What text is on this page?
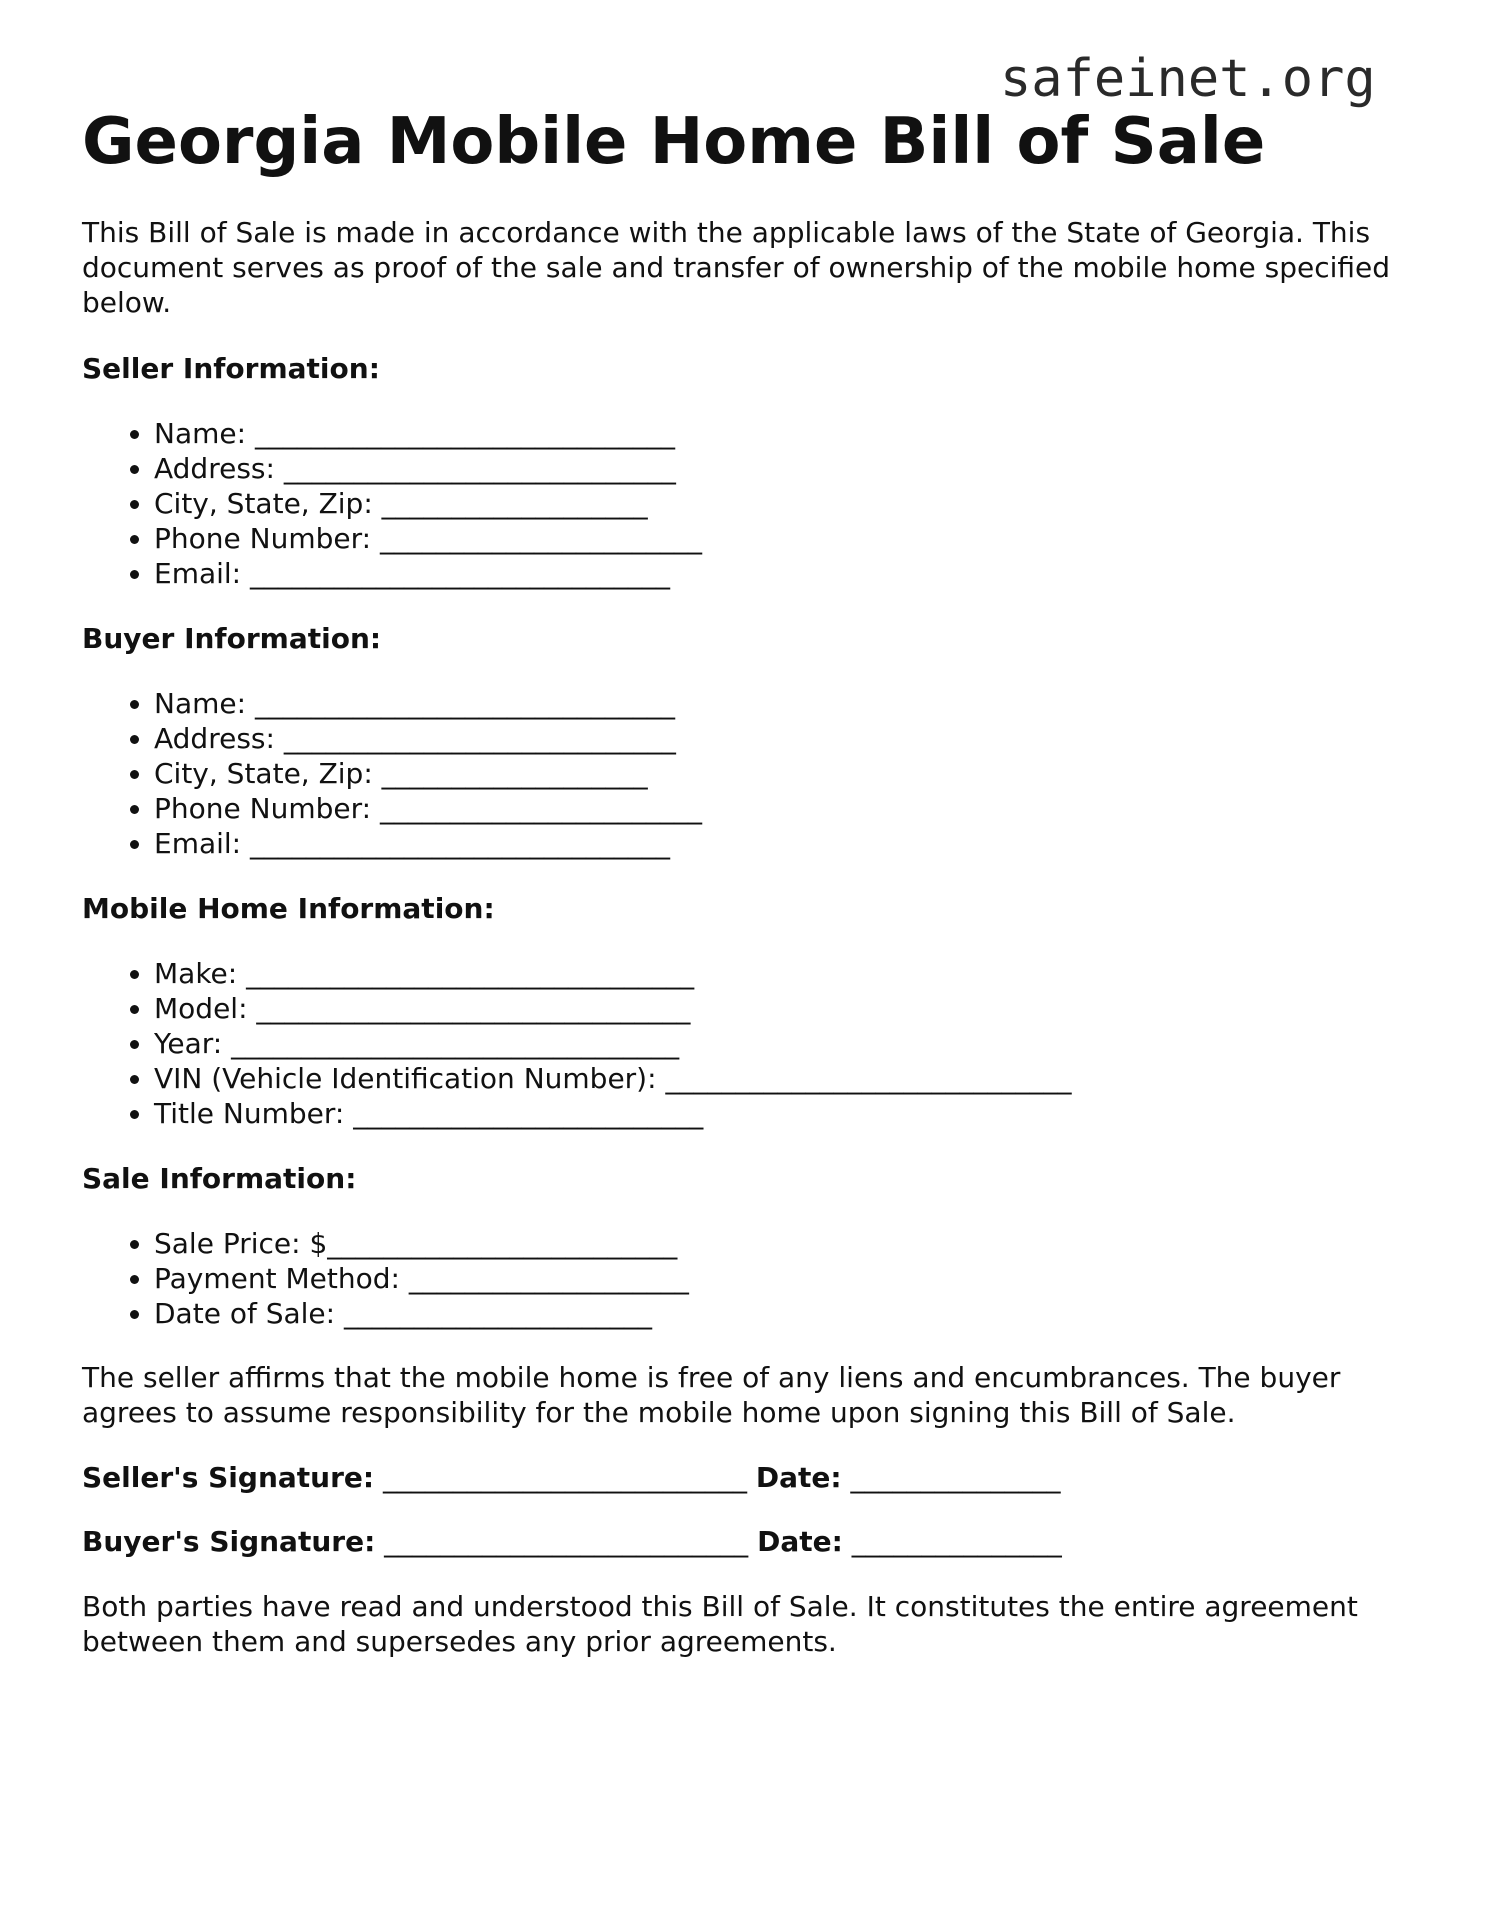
safeinet.org
Georgia Mobile Home Bill of Sale

This Bill of Sale is made in accordance with the applicable laws of the State of Georgia. This document serves as proof of the sale and transfer of ownership of the mobile home specified below.

Seller Information:
• Name: ______________________________
• Address: ____________________________
• City, State, Zip: ___________________
• Phone Number: _______________________
• Email: ______________________________
Buyer Information:
• Name: ______________________________
• Address: ____________________________
• City, State, Zip: ___________________
• Phone Number: _______________________
• Email: ______________________________
Mobile Home Information:
• Make: ________________________________
• Model: _______________________________
• Year: ________________________________
• VIN (Vehicle Identification Number): _____________________________
• Title Number: _________________________
Sale Information:
• Sale Price: $_________________________
• Payment Method: ____________________
• Date of Sale: ______________________

The seller affirms that the mobile home is free of any liens and encumbrances. The buyer agrees to assume responsibility for the mobile home upon signing this Bill of Sale.

Seller's Signature: __________________________ Date: _______________
Buyer's Signature: __________________________ Date: _______________

Both parties have read and understood this Bill of Sale. It constitutes the entire agreement between them and supersedes any prior agreements.
